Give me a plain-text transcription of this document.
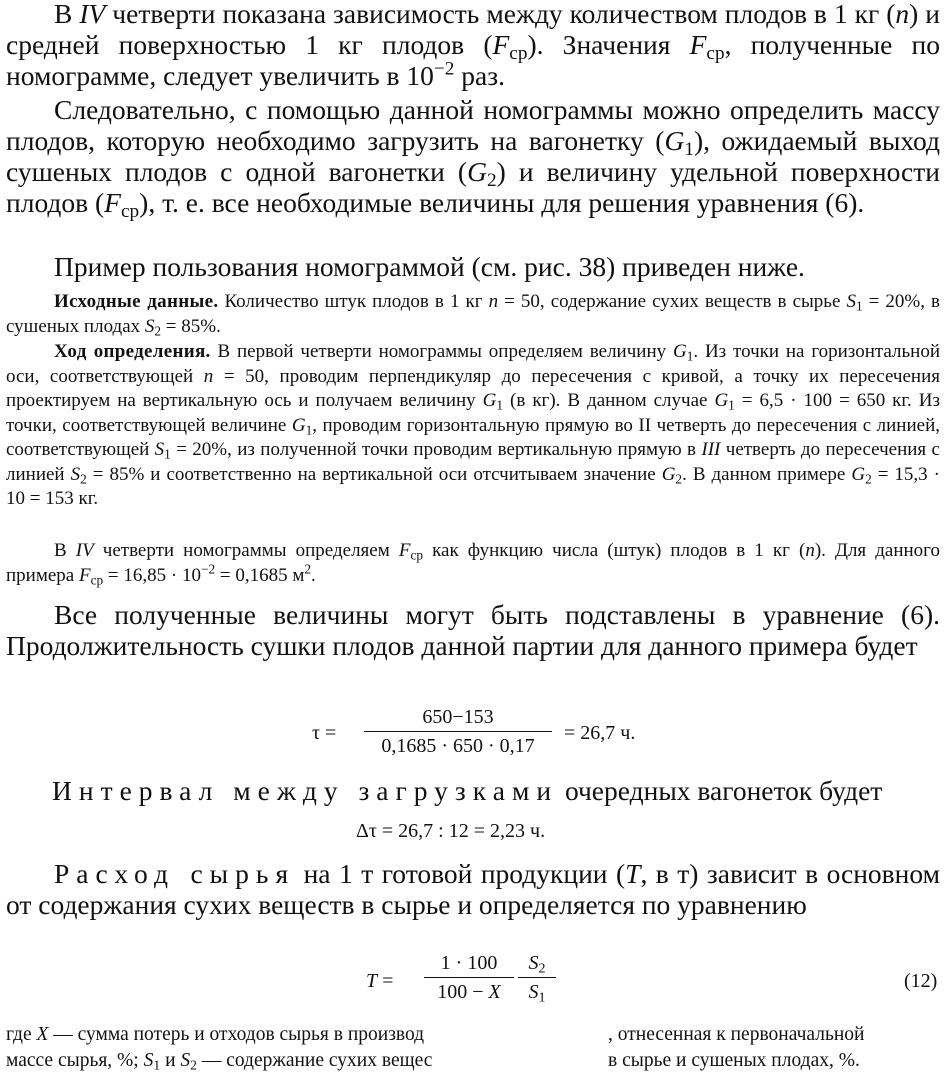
В IV четверти показана зависимость между количеством плодов в 1 кг (n) и средней поверхностью 1 кг плодов $(F_{ср})$. Значения $F_{ср}$, полученные по номограмме, следует увеличить в $10^{-2}$ раз.

Следовательно, с помощью данной номограммы можно определить массу плодов, которую необходимо загрузить на вагонетку $(G_1)$, ожидаемый выход сушеных плодов с одной вагонетки $(G_2)$ и величину удельной поверхности плодов $(F_{ср})$, т. е. все необходимые величины для решения уравнения (6).

Пример пользования номограммой (см. рис. 38) приведен ниже.

Исходные данные. Количество штук плодов в 1 кг n = 50, содержание сухих веществ в сырье $S_1 = 20\%$, в сушеных плодах $S_2 = 85\%$.

Ход определения. В первой четверти номограммы определяем величину $G_1$. Из точки на горизонтальной оси, соответствующей n = 50, проводим перпендикуляр до пересечения с кривой, а точку их пересечения проектируем на вертикальную ось и получаем величину $G_1$ (в кг). В данном случае $G_1 = 6,5 \cdot 100 = 650$ кг. Из точки, соответствующей величине $G_1$, проводим горизонтальную прямую во II четверть до пересечения с линией, соответствующей $S_1 = 20\%$, из полученной точки проводим вертикальную прямую в III четверть до пересечения с линией $S_2 = 85\%$ и соответственно на вертикальной оси отсчитываем значение $G_2$. В данном примере $G_2 = 15,3 \cdot 10 = 153$ кг.

В IV четверти номограммы определяем $F_{ср}$ как функцию числа (штук) плодов в 1 кг (n). Для данного примера $F_{ср} = 16,85 \cdot 10^{-2} = 0,1685$ $м^2$.

Все полученные величины могут быть подставлены в уравнение (6). Продолжительность сушки плодов данной партии для данного примера будет

τ =
650−153
0,1685 · 650 · 0,17
= 26,7 ч.

Интервал между загрузками очередных вагонеток будет

Δτ = 26,7 : 12 = 2,23 ч.

Расход сырья на 1 т готовой продукции (T, в т) зависит в основном от содержания сухих веществ в сырье и определяется по уравнению

T =
1 · 100
100 − X
$S_2$
$S_1$
(12)
где X — сумма потерь и отходов сырья в производ	, отнесенная к первоначальной
массе сырья, %; $S_1$ и $S_2$ — содержание сухих вещес	в сырье и сушеных плодах, %.
